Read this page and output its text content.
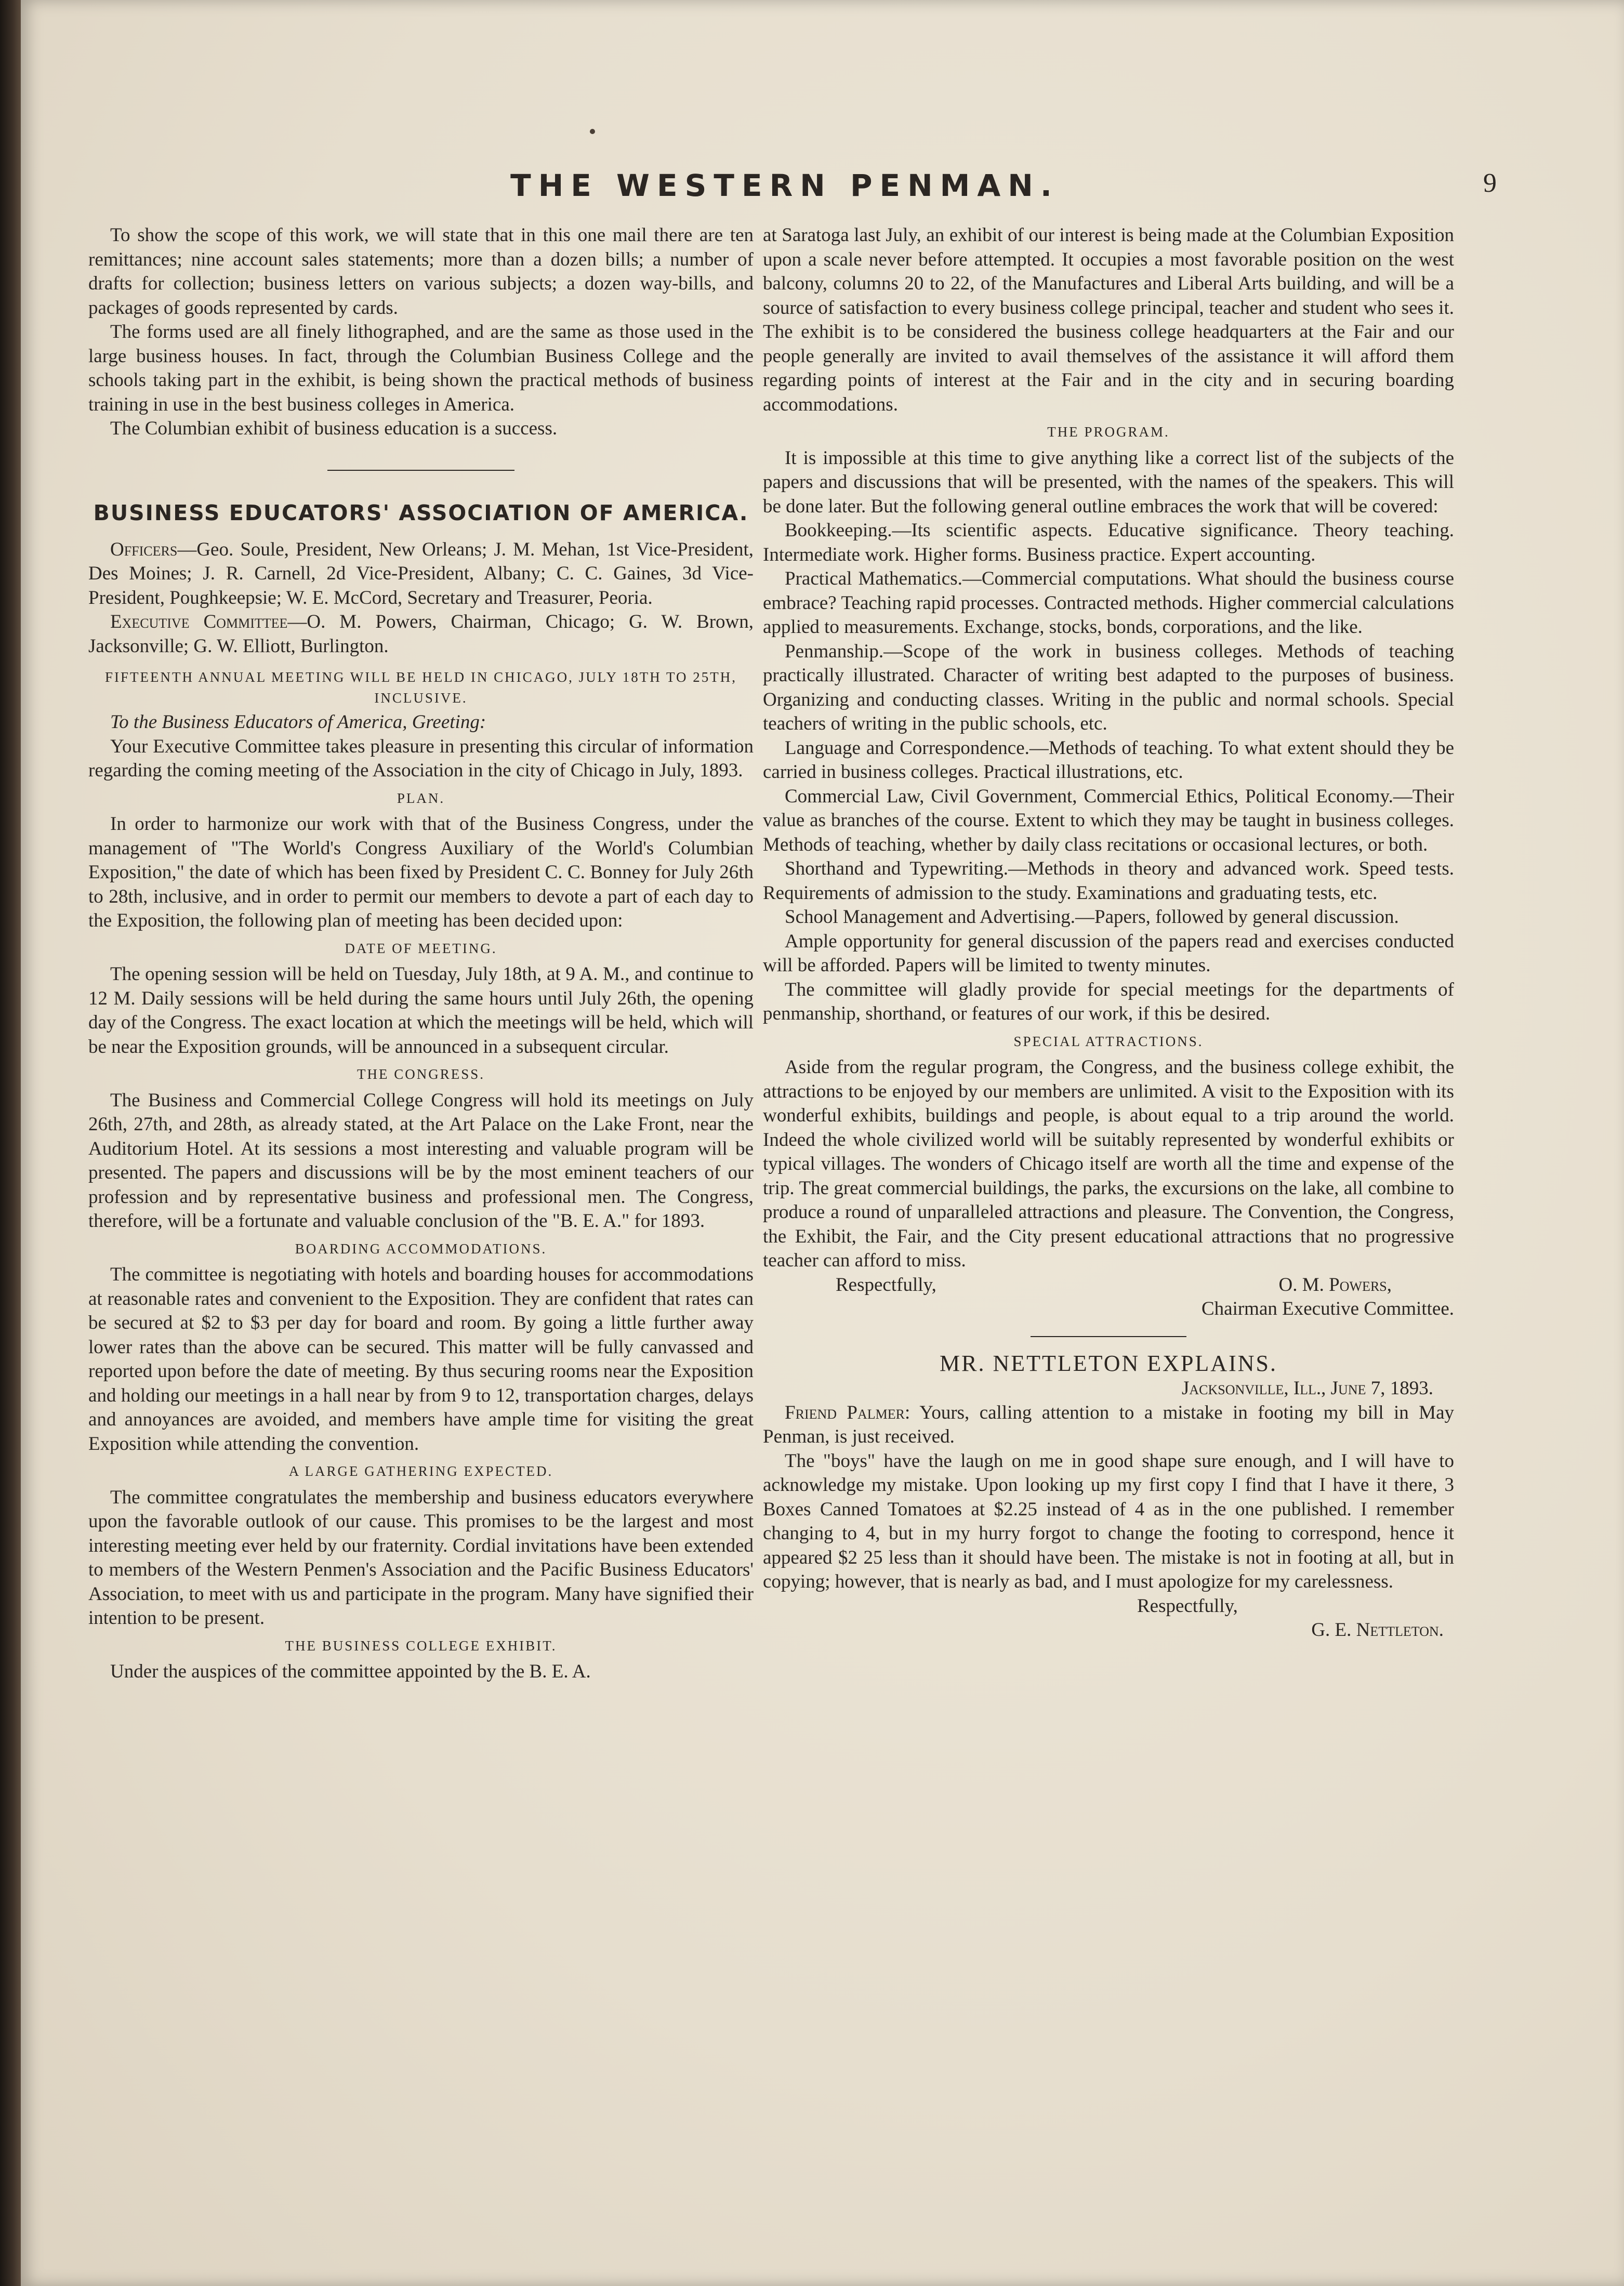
THE WESTERN PENMAN.	9

To show the scope of this work, we will state that in this one mail there are ten remittances; nine account sales statements; more than a dozen bills; a number of drafts for collection; business letters on various subjects; a dozen way-bills, and packages of goods represented by cards.

The forms used are all finely lithographed, and are the same as those used in the large business houses. In fact, through the Columbian Business College and the schools taking part in the exhibit, is being shown the practical methods of business training in use in the best business colleges in America.

The Columbian exhibit of business education is a success.

BUSINESS EDUCATORS' ASSOCIATION OF AMERICA.

Officers—Geo. Soule, President, New Orleans; J. M. Mehan, 1st Vice-President, Des Moines; J. R. Carnell, 2d Vice-President, Albany; C. C. Gaines, 3d Vice-President, Poughkeepsie; W. E. McCord, Secretary and Treasurer, Peoria.

Executive Committee—O. M. Powers, Chairman, Chicago; G. W. Brown, Jacksonville; G. W. Elliott, Burlington.

FIFTEENTH ANNUAL MEETING WILL BE HELD IN CHICAGO, JULY 18TH TO 25TH, INCLUSIVE.

To the Business Educators of America, Greeting:

Your Executive Committee takes pleasure in presenting this circular of information regarding the coming meeting of the Association in the city of Chicago in July, 1893.

PLAN.

In order to harmonize our work with that of the Business Congress, under the management of "The World's Congress Auxiliary of the World's Columbian Exposition," the date of which has been fixed by President C. C. Bonney for July 26th to 28th, inclusive, and in order to permit our members to devote a part of each day to the Exposition, the following plan of meeting has been decided upon:

DATE OF MEETING.

The opening session will be held on Tuesday, July 18th, at 9 A. M., and continue to 12 M. Daily sessions will be held during the same hours until July 26th, the opening day of the Congress. The exact location at which the meetings will be held, which will be near the Exposition grounds, will be announced in a subsequent circular.

THE CONGRESS.

The Business and Commercial College Congress will hold its meetings on July 26th, 27th, and 28th, as already stated, at the Art Palace on the Lake Front, near the Auditorium Hotel. At its sessions a most interesting and valuable program will be presented. The papers and discussions will be by the most eminent teachers of our profession and by representative business and professional men. The Congress, therefore, will be a fortunate and valuable conclusion of the "B. E. A." for 1893.

BOARDING ACCOMMODATIONS.

The committee is negotiating with hotels and boarding houses for accommodations at reasonable rates and convenient to the Exposition. They are confident that rates can be secured at $2 to $3 per day for board and room. By going a little further away lower rates than the above can be secured. This matter will be fully canvassed and reported upon before the date of meeting. By thus securing rooms near the Exposition and holding our meetings in a hall near by from 9 to 12, transportation charges, delays and annoyances are avoided, and members have ample time for visiting the great Exposition while attending the convention.

A LARGE GATHERING EXPECTED.

The committee congratulates the membership and business educators everywhere upon the favorable outlook of our cause. This promises to be the largest and most interesting meeting ever held by our fraternity. Cordial invitations have been extended to members of the Western Penmen's Association and the Pacific Business Educators' Association, to meet with us and participate in the program. Many have signified their intention to be present.

THE BUSINESS COLLEGE EXHIBIT.

Under the auspices of the committee appointed by the B. E. A.

at Saratoga last July, an exhibit of our interest is being made at the Columbian Exposition upon a scale never before attempted. It occupies a most favorable position on the west balcony, columns 20 to 22, of the Manufactures and Liberal Arts building, and will be a source of satisfaction to every business college principal, teacher and student who sees it. The exhibit is to be considered the business college headquarters at the Fair and our people generally are invited to avail themselves of the assistance it will afford them regarding points of interest at the Fair and in the city and in securing boarding accommodations.

THE PROGRAM.

It is impossible at this time to give anything like a correct list of the subjects of the papers and discussions that will be presented, with the names of the speakers. This will be done later. But the following general outline embraces the work that will be covered:

Bookkeeping.—Its scientific aspects. Educative significance. Theory teaching. Intermediate work. Higher forms. Business practice. Expert accounting.

Practical Mathematics.—Commercial computations. What should the business course embrace? Teaching rapid processes. Contracted methods. Higher commercial calculations applied to measurements. Exchange, stocks, bonds, corporations, and the like.

Penmanship.—Scope of the work in business colleges. Methods of teaching practically illustrated. Character of writing best adapted to the purposes of business. Organizing and conducting classes. Writing in the public and normal schools. Special teachers of writing in the public schools, etc.

Language and Correspondence.—Methods of teaching. To what extent should they be carried in business colleges. Practical illustrations, etc.

Commercial Law, Civil Government, Commercial Ethics, Political Economy.—Their value as branches of the course. Extent to which they may be taught in business colleges. Methods of teaching, whether by daily class recitations or occasional lectures, or both.

Shorthand and Typewriting.—Methods in theory and advanced work. Speed tests. Requirements of admission to the study. Examinations and graduating tests, etc.

School Management and Advertising.—Papers, followed by general discussion.

Ample opportunity for general discussion of the papers read and exercises conducted will be afforded. Papers will be limited to twenty minutes.

The committee will gladly provide for special meetings for the departments of penmanship, shorthand, or features of our work, if this be desired.

SPECIAL ATTRACTIONS.

Aside from the regular program, the Congress, and the business college exhibit, the attractions to be enjoyed by our members are unlimited. A visit to the Exposition with its wonderful exhibits, buildings and people, is about equal to a trip around the world. Indeed the whole civilized world will be suitably represented by wonderful exhibits or typical villages. The wonders of Chicago itself are worth all the time and expense of the trip. The great commercial buildings, the parks, the excursions on the lake, all combine to produce a round of unparalleled attractions and pleasure. The Convention, the Congress, the Exhibit, the Fair, and the City present educational attractions that no progressive teacher can afford to miss.

Respectfully,	O. M. Powers,
Chairman Executive Committee.
MR. NETTLETON EXPLAINS.
Jacksonville, Ill., June 7, 1893.

Friend Palmer: Yours, calling attention to a mistake in footing my bill in May Penman, is just received.

The "boys" have the laugh on me in good shape sure enough, and I will have to acknowledge my mistake. Upon looking up my first copy I find that I have it there, 3 Boxes Canned Tomatoes at $2.25 instead of 4 as in the one published. I remember changing to 4, but in my hurry forgot to change the footing to correspond, hence it appeared $2 25 less than it should have been. The mistake is not in footing at all, but in copying; however, that is nearly as bad, and I must apologize for my carelessness.

Respectfully,
G. E. Nettleton.
